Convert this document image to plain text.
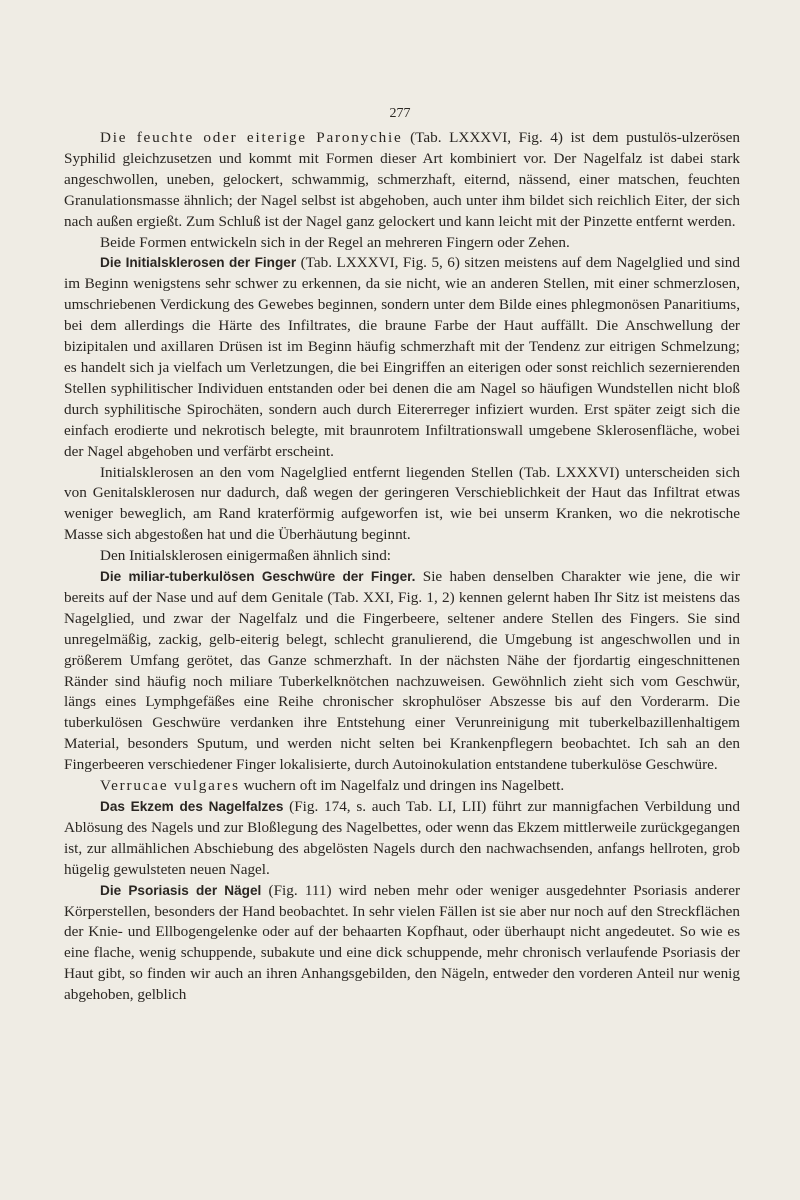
277

Die feuchte oder eiterige Paronychie (Tab. LXXXVI, Fig. 4) ist dem pustulös-ulzerösen Syphilid gleichzusetzen und kommt mit Formen dieser Art kombiniert vor. Der Nagelfalz ist dabei stark angeschwollen, uneben, gelockert, schwammig, schmerzhaft, eiternd, nässend, einer matschen, feuchten Granulationsmasse ähnlich; der Nagel selbst ist abgehoben, auch unter ihm bildet sich reichlich Eiter, der sich nach außen ergießt. Zum Schluß ist der Nagel ganz gelockert und kann leicht mit der Pinzette entfernt werden.

Beide Formen entwickeln sich in der Regel an mehreren Fingern oder Zehen.

Die Initialsklerosen der Finger (Tab. LXXXVI, Fig. 5, 6) sitzen meistens auf dem Nagelglied und sind im Beginn wenigstens sehr schwer zu erkennen, da sie nicht, wie an anderen Stellen, mit einer schmerzlosen, umschriebenen Verdickung des Gewebes beginnen, sondern unter dem Bilde eines phlegmonösen Panaritiums, bei dem allerdings die Härte des Infiltrates, die braune Farbe der Haut auffällt. Die Anschwellung der bizipitalen und axillaren Drüsen ist im Beginn häufig schmerzhaft mit der Tendenz zur eitrigen Schmelzung; es handelt sich ja vielfach um Verletzungen, die bei Eingriffen an eiterigen oder sonst reichlich sezernierenden Stellen syphilitischer Individuen entstanden oder bei denen die am Nagel so häufigen Wundstellen nicht bloß durch syphilitische Spirochäten, sondern auch durch Eitererreger infiziert wurden. Erst später zeigt sich die einfach erodierte und nekrotisch belegte, mit braunrotem Infiltrationswall umgebene Sklerosenfläche, wobei der Nagel abgehoben und verfärbt erscheint.

Initialsklerosen an den vom Nagelglied entfernt liegenden Stellen (Tab. LXXXVI) unterscheiden sich von Genitalsklerosen nur dadurch, daß wegen der geringeren Verschieblichkeit der Haut das Infiltrat etwas weniger beweglich, am Rand kraterförmig aufgeworfen ist, wie bei unserm Kranken, wo die nekrotische Masse sich abgestoßen hat und die Überhäutung beginnt.

Den Initialsklerosen einigermaßen ähnlich sind:

Die miliar-tuberkulösen Geschwüre der Finger. Sie haben denselben Charakter wie jene, die wir bereits auf der Nase und auf dem Genitale (Tab. XXI, Fig. 1, 2) kennen gelernt haben Ihr Sitz ist meistens das Nagelglied, und zwar der Nagelfalz und die Fingerbeere, seltener andere Stellen des Fingers. Sie sind unregelmäßig, zackig, gelb-eiterig belegt, schlecht granulierend, die Umgebung ist angeschwollen und in größerem Umfang gerötet, das Ganze schmerzhaft. In der nächsten Nähe der fjordartig eingeschnittenen Ränder sind häufig noch miliare Tuberkelknötchen nachzuweisen. Gewöhnlich zieht sich vom Geschwür, längs eines Lymphgefäßes eine Reihe chronischer skrophulöser Abszesse bis auf den Vorderarm. Die tuberkulösen Geschwüre verdanken ihre Entstehung einer Verunreinigung mit tuberkelbazillenhaltigem Material, besonders Sputum, und werden nicht selten bei Krankenpflegern beobachtet. Ich sah an den Fingerbeeren verschiedener Finger lokalisierte, durch Autoinokulation entstandene tuberkulöse Geschwüre.

Verrucae vulgares wuchern oft im Nagelfalz und dringen ins Nagelbett.

Das Ekzem des Nagelfalzes (Fig. 174, s. auch Tab. LI, LII) führt zur mannigfachen Verbildung und Ablösung des Nagels und zur Bloßlegung des Nagelbettes, oder wenn das Ekzem mittlerweile zurückgegangen ist, zur allmählichen Abschiebung des abgelösten Nagels durch den nachwachsenden, anfangs hellroten, grob hügelig gewulsteten neuen Nagel.

Die Psoriasis der Nägel (Fig. 111) wird neben mehr oder weniger ausgedehnter Psoriasis anderer Körperstellen, besonders der Hand beobachtet. In sehr vielen Fällen ist sie aber nur noch auf den Streckflächen der Knie- und Ellbogengelenke oder auf der behaarten Kopfhaut, oder überhaupt nicht angedeutet. So wie es eine flache, wenig schuppende, subakute und eine dick schuppende, mehr chronisch verlaufende Psoriasis der Haut gibt, so finden wir auch an ihren Anhangsgebilden, den Nägeln, entweder den vorderen Anteil nur wenig abgehoben, gelblich
